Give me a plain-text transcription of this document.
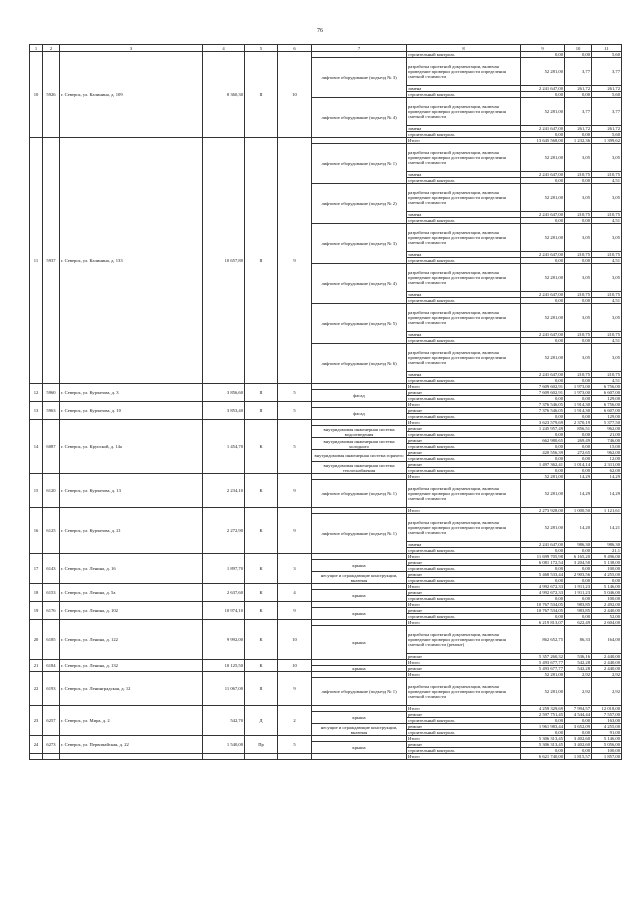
76
1	2	3	4	5	6	7	8	9	10	11
10	5926	г. Северск, ул. Калинина, д. 109	8 360,30	II	10		строительный контроль	0,00	0,00	5,60
						лифтовое оборудование (подъезд № 3)	разработка проектной документации, включая проведение проверки достоверности определения сметной стоимости	52 281,00	3,77	3,77
							замена	2 241 647,00	261,72	261,72
							строительный контроль	0,00	0,00	5,60
						лифтовое оборудование (подъезд № 4)	разработка проектной документации, включая проведение проверки достоверности определения сметной стоимости	52 281,00	3,77	3,77
							замена	2 241 647,00	261,72	261,72
							строительный контроль	0,00	0,00	5,60
11	5937	г. Северск, ул. Калинина, д. 133	10 657,80	II	9		Итого	13 645 568,00	1 232,36	1 399,62
						лифтовое оборудование (подъезд № 1)	разработка проектной документации, включая проведение проверки достоверности определения сметной стоимости	52 281,00	3,05	3,05
							замена	2 241 647,00	210,75	210,75
							строительный контроль	0,00	0,00	4,51
						лифтовое оборудование (подъезд № 2)	разработка проектной документации, включая проведение проверки достоверности определения сметной стоимости	52 281,00	3,05	3,05
							замена	2 241 647,00	210,75	210,75
							строительный контроль	0,00	0,00	4,51
						лифтовое оборудование (подъезд № 3)	разработка проектной документации, включая проведение проверки достоверности определения сметной стоимости	52 281,00	3,05	3,05
							замена	2 241 647,00	210,75	210,75
							строительный контроль	0,00	0,00	4,51
						лифтовое оборудование (подъезд № 4)	разработка проектной документации, включая проведение проверки достоверности определения сметной стоимости	52 281,00	3,05	3,05
							замена	2 241 647,00	210,75	210,75
							строительный контроль	0,00	0,00	4,51
						лифтовое оборудование (подъезд № 5)	разработка проектной документации, включая проведение проверки достоверности определения сметной стоимости	52 281,00	3,05	3,05
							замена	2 241 647,00	210,75	210,75
							строительный контроль	0,00	0,00	4,51
						лифтовое оборудование (подъезд № 6)	разработка проектной документации, включая проведение проверки достоверности определения сметной стоимости	52 281,00	3,05	3,05
							замена	2 241 647,00	210,75	210,75
							строительный контроль	0,00	0,00	4,51
12	5960	г. Северск, ул. Курчатова, д. 3	3 856,60	II	5		Итого	7 609 602,91	1 973,00	6 756,00
						фасад	ремонт	7 609 602,91	1 973,00	6 607,00
							строительный контроль	0,00	0,00	129,00
13	5963	г. Северск, ул. Курчатова, д. 10	3 853,40	II	5		Итого	7 376 546,05	1 914,30	6 756,00
						фасад	ремонт	7 376 546,05	1 914,30	6 607,00
							строительный контроль	0,00	0,00	129,00
14	6087	г. Северск, ул. Крупской, д. 14а	1 454,70	К	5		Итого	3 623 579,69	2 370,19	5 377,50
						внутридомовая инженерная система водоотведения	ремонт	1 245 957,49	856,51	962,00
							строительный контроль	0,00	0,00	21,00
						внутридомовая инженерная система холодного	ремонт	662 980,65	269,49	746,00
							строительный контроль	0,00	0,00	15,00
						внутридомовая инженерная система горячего	ремонт	420 556,39	272,65	962,00
							строительный контроль	0,00	0,00	12,00
						внутридомовая инженерная система теплоснабжения	ремонт	1 497 362,41	1 014,14	2 311,00
							строительный контроль	0,00	0,00	62,00
15	6120	г. Северск, ул. Курчатова, д. 13	2 234,10	К	9		Итого	52 281,00	14,29	14,29
						лифтовое оборудование (подъезд № 1)	разработка проектной документации, включая проведение проверки достоверности определения сметной стоимости	52 281,00	14,29	14,29
16	6125	г. Северск, ул. Курчатова, д. 21	2 272,90	К	9		Итого	2 273 928,00	1 000,50	1 121,61
						лифтовое оборудование (подъезд № 1)	разработка проектной документации, включая проведение проверки достоверности определения сметной стоимости	52 281,00	14,20	14,21
							замена	2 241 647,00	986,30	986,30
							строительный контроль	0,00	0,00	21,1
17	6143	г. Северск, ул. Ленина, д. 16	1 897,70	К	3		Итого	11 699 705,98	6 165,20	9 496,00
						крыша	ремонт	6 081 172,54	3 204,50	5 138,00
							строительный контроль	0,00	0,00	100,00
						несущие и ограждающие конструкции, включая	ремонт	5 468 533,44	2 903,56	4 255,00
							строительный контроль	0,00	0,00	0,00
18	6153	г. Северск, ул. Ленина, д. 5а	2 637,60	К	4		Итого	4 992 672,33	1 911,23	5 146,00
						крыша	ремонт	4 992 672,33	1 911,23	5 046,00
							строительный контроль	0,00	0,00	100,00
19	6176	г. Северск, ул. Ленина, д. 102	10 974,10	К	9		Итого	10 767 534,05	983,85	2 492,00
						крыша	ремонт	10 767 534,05	983,85	2 440,00
							строительный контроль	0,00	0,00	52,00
20	6185	г. Северск, ул. Ленина, д. 122	9 992,00	К	10		Итого	6 219 813,07	622,49	2 604,00
						крыша	разработка проектной документации, включая проведение проверки достоверности определения сметной стоимости (ремонт)	862 652,75	86,33	164,00
							ремонт	5 357 260,32	536,16	2 440,00
21	6184	г. Северск, ул. Ленина, д. 132	10 125,50	К	10		Итого	5 493 677,77	542,28	2 440,00
						крыша	ремонт	5 493 677,77	542,28	2 440,00
22	6193	г. Северск, ул. Ленинградская, д. 12	11 067,00	II	9		Итого	52 281,00	2,92	2,92
						лифтовое оборудование (подъезд № 1)	разработка проектной документации, включая проведение проверки достоверности определения сметной стоимости	52 281,00	2,92	2,92
23	6257	г. Северск, ул. Мира, д. 2	542,70	Д	2		Итого	4 259 329,69	7 994,57	12 018,00
						крыша	ремонт	2 597 751,45	4 544,44	7 557,00
							строительный контроль	0,00	0,00	163,00
						несущие и ограждающие конструкции, включая	ремонт	1 961 983,44	3 652,09	4 255,00
							строительный контроль	0,00	0,00	91,00
24	6273	г. Северск, ул. Первомайская, д. 22	1 540,00	Пр	5		Итого	5 306 313,45	3 402,60	5 146,00
						крыша	ремонт	5 306 313,45	3 402,60	5 056,00
							строительный контроль	0,00	0,00	100,00
							Итого	6 621 740,00	1 815,57	1 857,00
